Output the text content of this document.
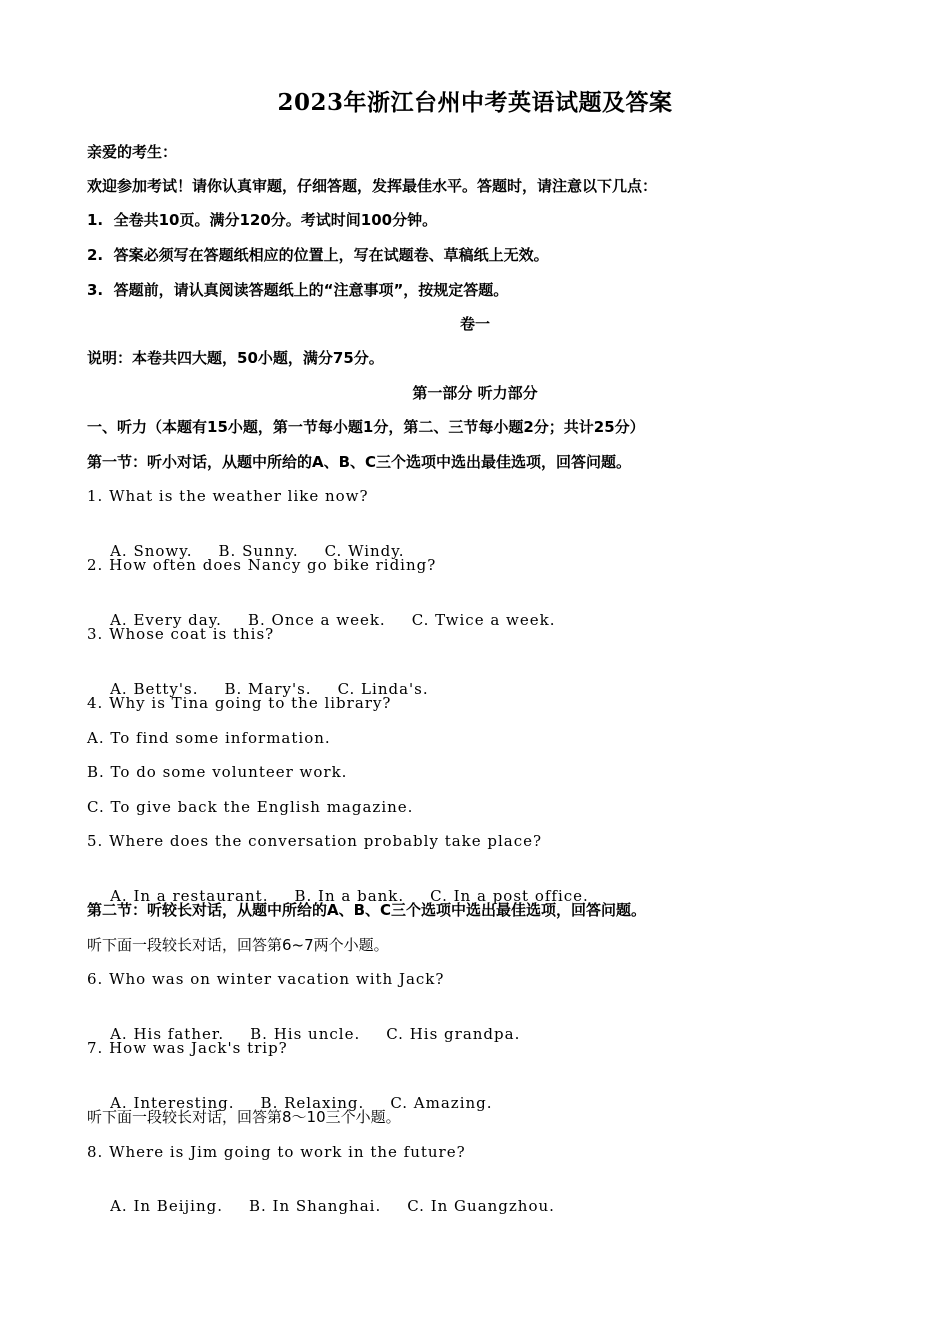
2023年浙江台州中考英语试题及答案

亲爱的考生：

欢迎参加考试！请你认真审题，仔细答题，发挥最佳水平。答题时，请注意以下几点：

1.  全卷共10页。满分120分。考试时间100分钟。

2.  答案必须写在答题纸相应的位置上，写在试题卷、草稿纸上无效。

3.  答题前，请认真阅读答题纸上的“注意事项”，按规定答题。

卷一

说明：本卷共四大题，50小题，满分75分。

第一部分 听力部分

一、听力（本题有15小题，第一节每小题1分，第二、三节每小题2分；共计25分）

第一节：听小对话，从题中所给的A、B、C三个选项中选出最佳选项，回答问题。

1. What is the weather like now?

A. Snowy. B. Sunny. C. Windy.

2. How often does Nancy go bike riding?

A. Every day. B. Once a week. C. Twice a week.

3. Whose coat is this?

A. Betty's. B. Mary's. C. Linda's.

4. Why is Tina going to the library?

A. To find some information.

B. To do some volunteer work.

C. To give back the English magazine.

5. Where does the conversation probably take place?

A. In a restaurant. B. In a bank. C. In a post office.

第二节：听较长对话，从题中所给的A、B、C三个选项中选出最佳选项，回答问题。

听下面一段较长对话，回答第6~7两个小题。

6. Who was on winter vacation with Jack?

A. His father. B. His uncle. C. His grandpa.

7. How was Jack's trip?

A. Interesting. B. Relaxing. C. Amazing.

听下面一段较长对话，回答第8～10三个小题。

8. Where is Jim going to work in the future?

A. In Beijing. B. In Shanghai. C. In Guangzhou.
